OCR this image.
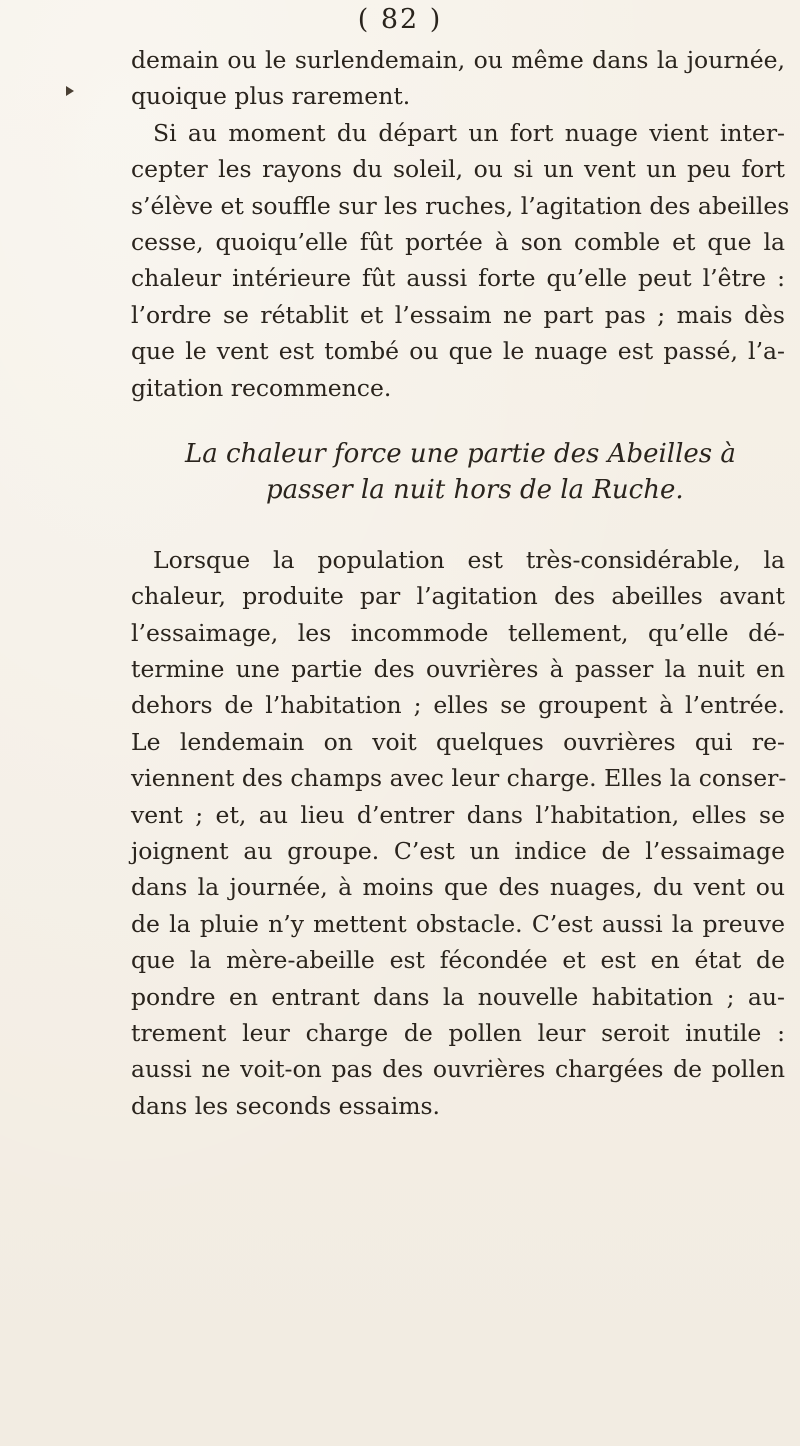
( 82 )
demain ou le surlendemain, ou même dans la journée,
quoique plus rarement.
Si au moment du départ un fort nuage vient inter-
cepter les rayons du soleil, ou si un vent un peu fort
s’élève et souffle sur les ruches, l’agitation des abeilles
cesse, quoiqu’elle fût portée à son comble et que la
chaleur intérieure fût aussi forte qu’elle peut l’être :
l’ordre se rétablit et l’essaim ne part pas ; mais dès
que le vent est tombé ou que le nuage est passé, l’a-
gitation recommence.
La chaleur force une partie des Abeilles à
passer la nuit hors de la Ruche.
Lorsque la population est très-considérable, la
chaleur, produite par l’agitation des abeilles avant
l’essaimage, les incommode tellement, qu’elle dé-
termine une partie des ouvrières à passer la nuit en
dehors de l’habitation ; elles se groupent à l’entrée.
Le lendemain on voit quelques ouvrières qui re-
viennent des champs avec leur charge. Elles la conser-
vent ; et, au lieu d’entrer dans l’habitation, elles se
joignent au groupe. C’est un indice de l’essaimage
dans la journée, à moins que des nuages, du vent ou
de la pluie n’y mettent obstacle. C’est aussi la preuve
que la mère-abeille est fécondée et est en état de
pondre en entrant dans la nouvelle habitation ; au-
trement leur charge de pollen leur seroit inutile :
aussi ne voit-on pas des ouvrières chargées de pollen
dans les seconds essaims.
